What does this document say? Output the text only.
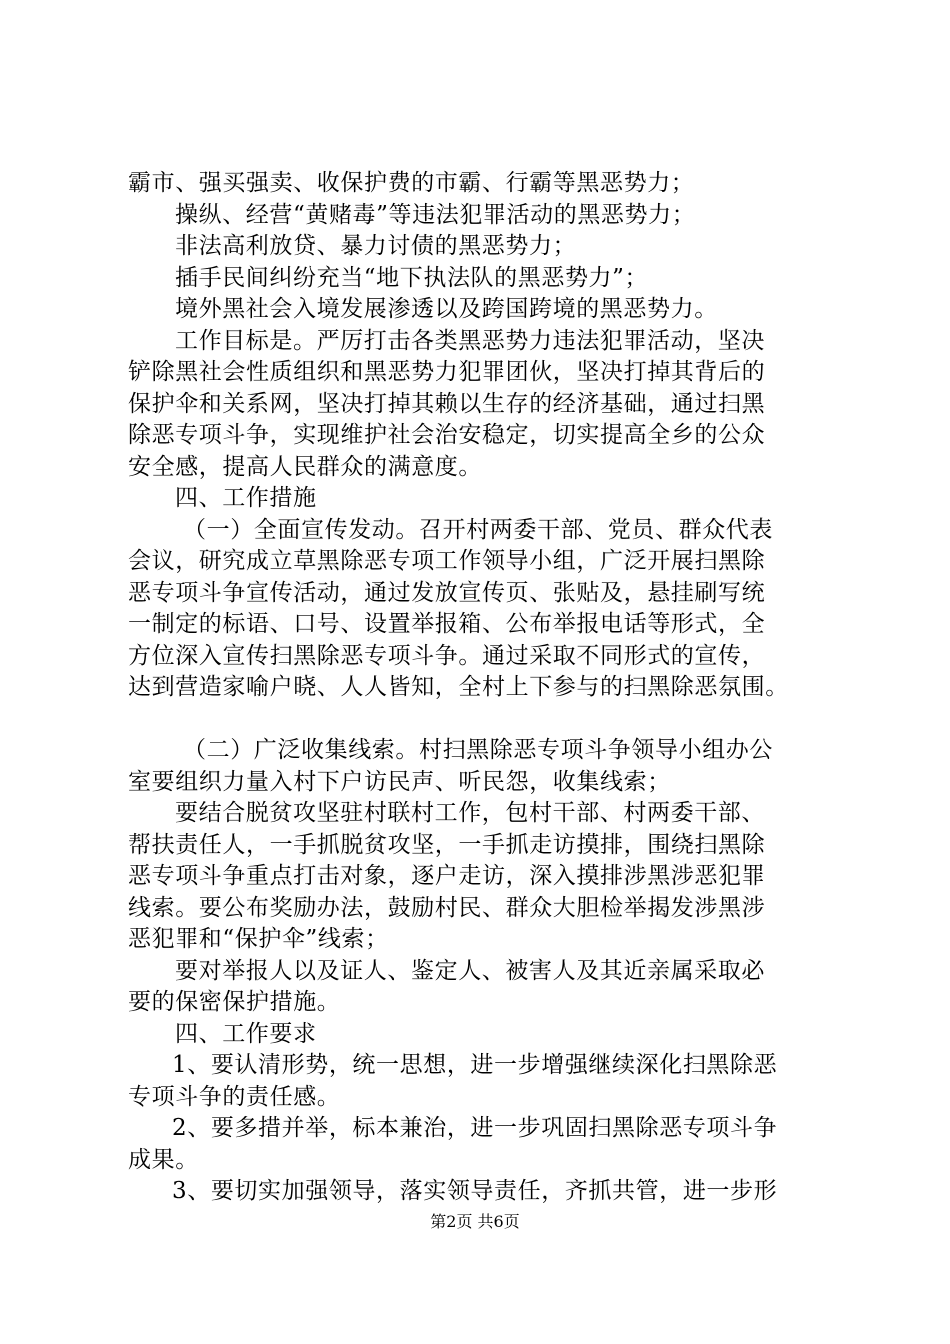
霸市、强买强卖、收保护费的市霸、行霸等黑恶势力；
操纵、经营“黄赌毒”等违法犯罪活动的黑恶势力；
非法高利放贷、暴力讨债的黑恶势力；
插手民间纠纷充当“地下执法队的黑恶势力”；
境外黑社会入境发展渗透以及跨国跨境的黑恶势力。
工作目标是。严厉打击各类黑恶势力违法犯罪活动，坚决
铲除黑社会性质组织和黑恶势力犯罪团伙，坚决打掉其背后的
保护伞和关系网，坚决打掉其赖以生存的经济基础，通过扫黑
除恶专项斗争，实现维护社会治安稳定，切实提高全乡的公众
安全感，提高人民群众的满意度。
四、工作措施
（一）全面宣传发动。召开村两委干部、党员、群众代表
会议，研究成立草黑除恶专项工作领导小组，广泛开展扫黑除
恶专项斗争宣传活动，通过发放宣传页、张贴及，悬挂刷写统
一制定的标语、口号、设置举报箱、公布举报电话等形式，全
方位深入宣传扫黑除恶专项斗争。通过采取不同形式的宣传，
达到营造家喻户晓、人人皆知，全村上下参与的扫黑除恶氛围。
（二）广泛收集线索。村扫黑除恶专项斗争领导小组办公
室要组织力量入村下户访民声、听民怨，收集线索；
要结合脱贫攻坚驻村联村工作，包村干部、村两委干部、
帮扶责任人，一手抓脱贫攻坚，一手抓走访摸排，围绕扫黑除
恶专项斗争重点打击对象，逐户走访，深入摸排涉黑涉恶犯罪
线索。要公布奖励办法，鼓励村民、群众大胆检举揭发涉黑涉
恶犯罪和“保护伞”线索；
要对举报人以及证人、鉴定人、被害人及其近亲属采取必
要的保密保护措施。
四、工作要求
1、要认清形势，统一思想，进一步增强继续深化扫黑除恶
专项斗争的责任感。
2、要多措并举，标本兼治，进一步巩固扫黑除恶专项斗争
成果。
3、要切实加强领导，落实领导责任，齐抓共管，进一步形
第2页 共6页
